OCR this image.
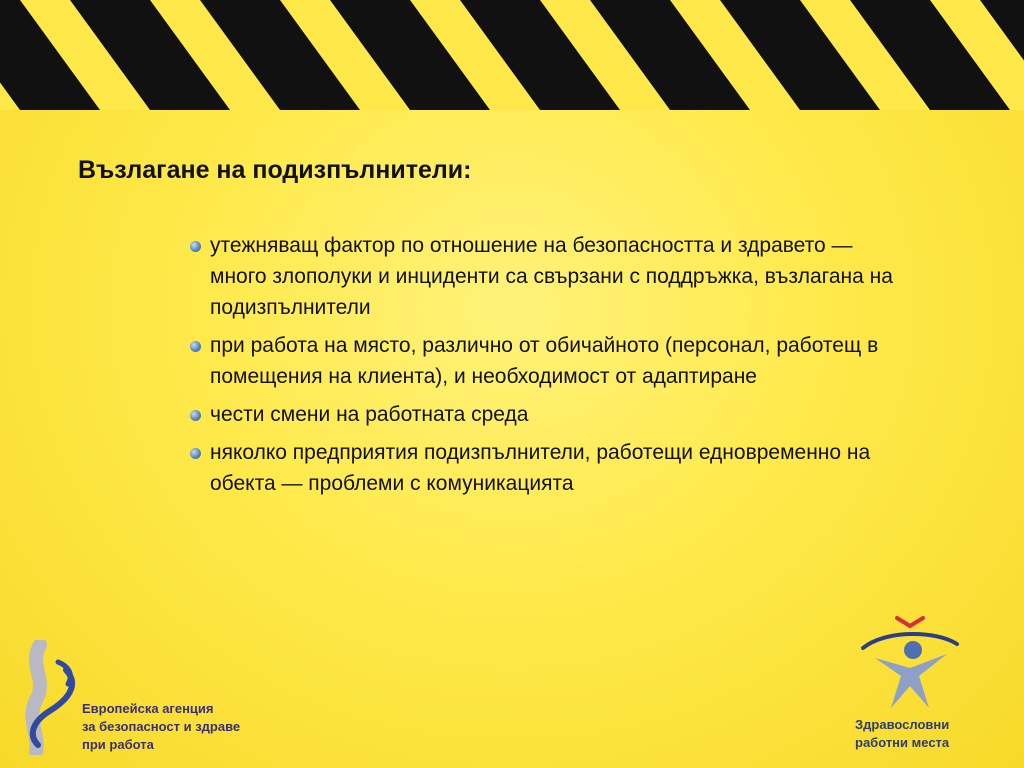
Възлагане на подизпълнители:
утежняващ фактор по отношение на безопасността и здравето — много злополуки и инциденти са свързани с поддръжка, възлагана на подизпълнители
при работа на място, различно от обичайното (персонал, работещ в помещения на клиента), и необходимост от адаптиране
чести смени на работната среда
няколко предприятия подизпълнители, работещи едновременно на обекта — проблеми с комуникацията
Европейска агенция
за безопасност и здраве
при работа
Здравословни
работни места
